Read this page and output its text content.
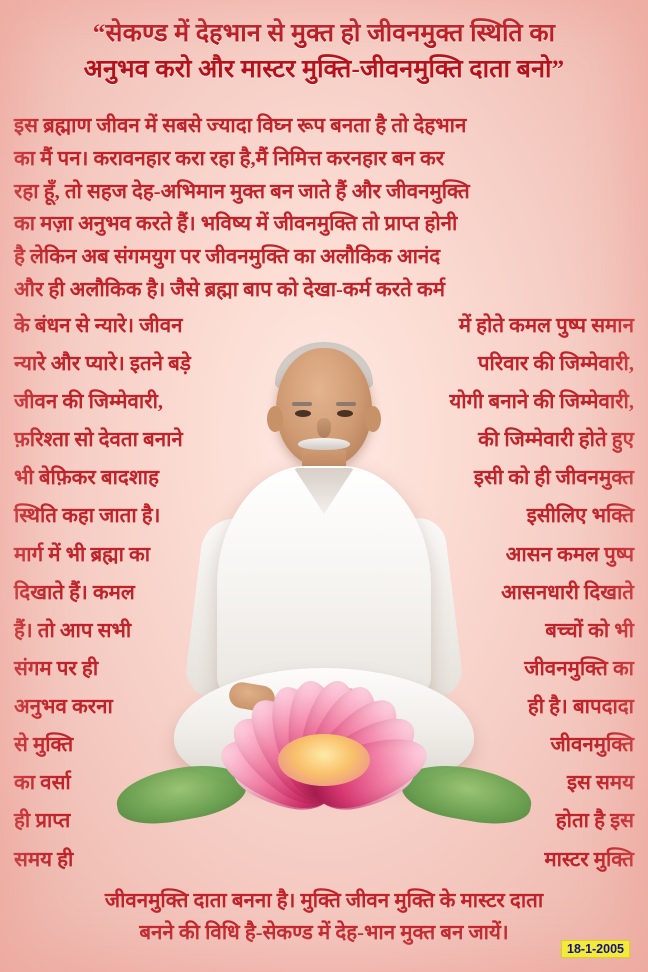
“सेकण्ड में देहभान से मुक्त हो जीवनमुक्त स्थिति का
अनुभव करो और मास्टर मुक्ति-जीवनमुक्ति दाता बनो”
इस ब्रह्माण जीवन में सबसे ज्यादा विघ्न रूप बनता है तो देहभान
का मैं पन। करावनहार करा रहा है,मैं निमित्त करनहार बन कर
रहा हूँ, तो सहज देह-अभिमान मुक्त बन जाते हैं और जीवनमुक्ति
का मज़ा अनुभव करते हैं। भविष्य में जीवनमुक्ति तो प्राप्त होनी
है लेकिन अब संगमयुग पर जीवनमुक्ति का अलौकिक आनंद
और ही अलौकिक है। जैसे ब्रह्मा बाप को देखा-कर्म करते कर्म
के बंधन से न्यारे। जीवन
न्यारे और प्यारे। इतने बड़े
जीवन की जिम्मेवारी,
फ़रिश्ता सो देवता बनाने
भी बेफ़िकर बादशाह
स्थिति कहा जाता है।
मार्ग में भी ब्रह्मा का
दिखाते हैं। कमल
हैं। तो आप सभी
संगम पर ही
अनुभव करना
से मुक्ति
का वर्सा
ही प्राप्त
समय ही
में होते कमल पुष्प समान
परिवार की जिम्मेवारी,
योगी बनाने की जिम्मेवारी,
की जिम्मेवारी होते हुए
इसी को ही जीवनमुक्त
इसीलिए भक्ति
आसन कमल पुष्प
आसनधारी दिखाते
बच्चों को भी
जीवनमुक्ति का
ही है। बापदादा
जीवनमुक्ति
इस समय
होता है इस
मास्टर मुक्ति
जीवनमुक्ति दाता बनना है। मुक्ति जीवन मुक्ति के मास्टर दाता
बनने की विधि है-सेकण्ड में देह-भान मुक्त बन जायें।
18-1-2005
